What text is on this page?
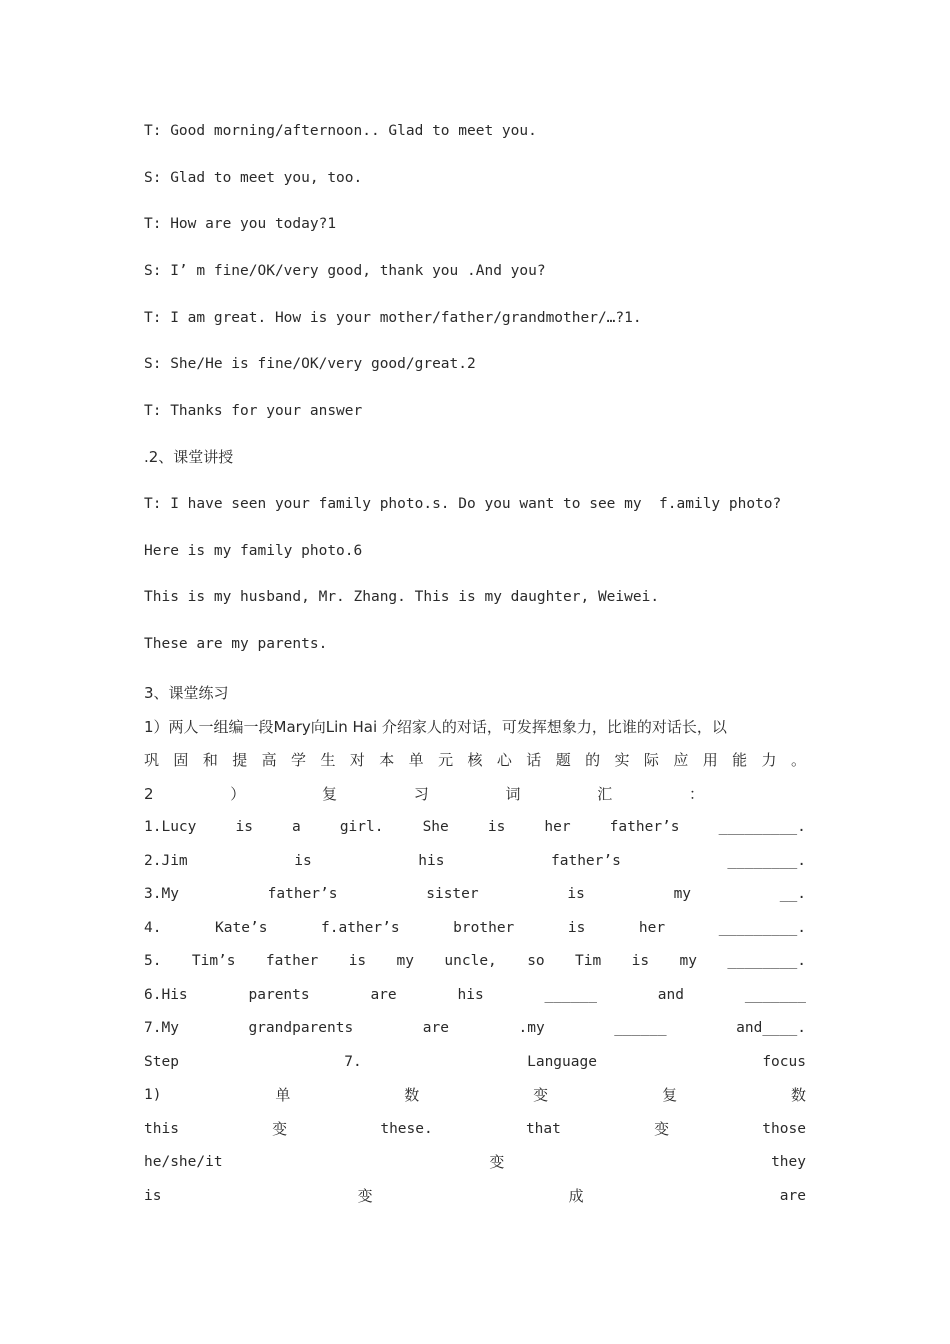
T: Good morning/afternoon.. Glad to meet you.
S: Glad to meet you, too.
T: How are you today?1
S: I’ m fine/OK/very good, thank you .And you?
T: I am great. How is your mother/father/grandmother/…?1.
S: She/He is fine/OK/very good/great.2
T: Thanks for your answer
.2、课堂讲授
T: I have seen your family photo.s. Do you want to see my  f.amily photo?
Here is my family photo.6
This is my husband, Mr. Zhang. This is my daughter, Weiwei.
These are my parents.
3、课堂练习
1）两人一组编一段Mary向Lin Hai 介绍家人的对话，可发挥想象力，比谁的对话长，以
巩 固 和 提 高 学 生 对 本 单 元 核 心 话 题 的 实 际 应 用 能 力 。
2	）	复	习	词	汇	：
1.Lucy	is	a	girl.	She	is	her	father’s	_________.
2.Jim	is	his	father’s	________.
3.My	father’s	sister	is	my	__.
4.	Kate’s	f.ather’s	brother	is	her	_________.
5. Tim’s father is my uncle, so Tim is my ________.
6.His	parents	are	his	______	and	_______
7.My	grandparents	are	.my	______	and____.
Step	7.	Language	focus
1)	单	数	变	复	数
this	变	these.	that	变	those
he/she/it	变	they
is	变	成	are
